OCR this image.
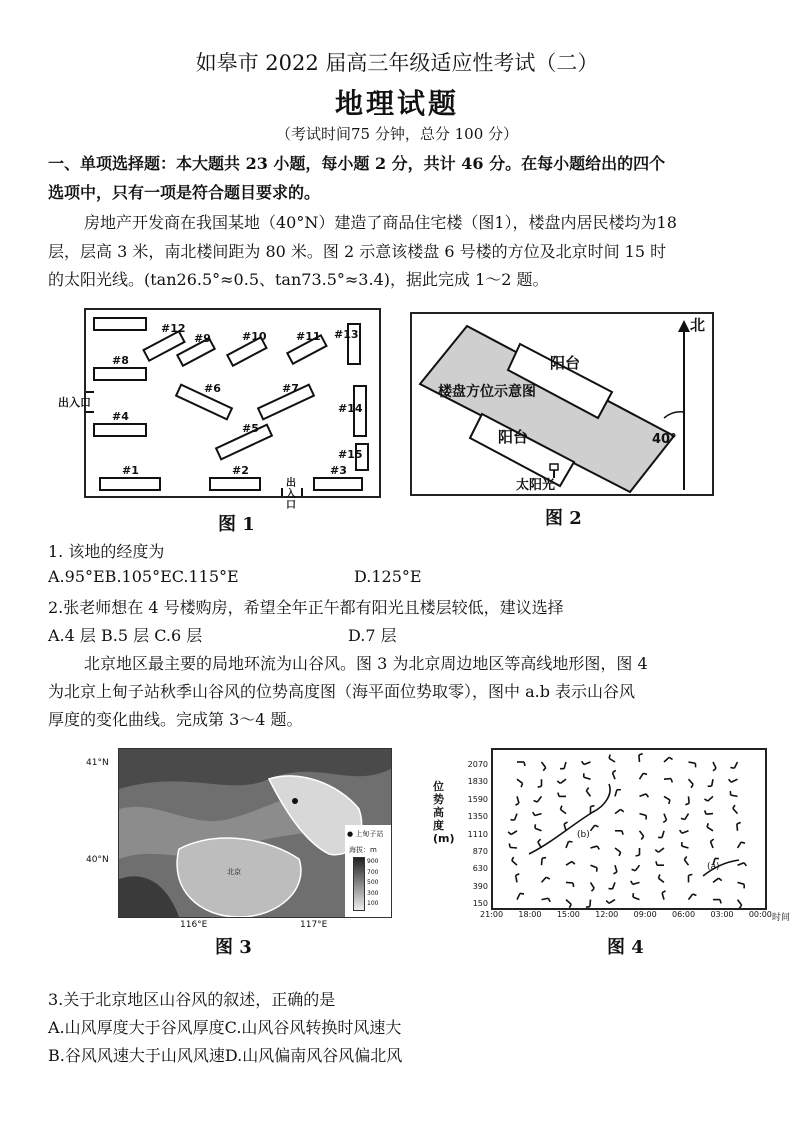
如皋市 2022 届高三年级适应性考试（二）
地理试题
（考试时间75 分钟，总分 100 分）
一、单项选择题：本大题共 23 小题，每小题 2 分，共计 46 分。在每小题给出的四个
选项中，只有一项是符合题目要求的。
房地产开发商在我国某地（40°N）建造了商品住宅楼（图1），楼盘内居民楼均为18
层，层高 3 米，南北楼间距为 80 米。图 2 示意该楼盘 6 号楼的方位及北京时间 15 时
的太阳光线。(tan26.5°≈0.5、tan73.5°≈3.4)，据此完成 1～2 题。
#12
#9	#10	#11 #13
#8
#6	#7
#4
#14
#5
#15
#1	#2	#3
出入口
出入口
图 1
北
阳台
楼盘方位示意图
阳台
太阳光
40°
图 2
1. 该地的经度为
A.95°EB.105°EC.115°E	D.125°E
2.张老师想在 4 号楼购房，希望全年正午都有阳光且楼层较低，建议选择
A.4 层 B.5 层 C.6 层	D.7 层
北京地区最主要的局地环流为山谷风。图 3 为北京周边地区等高线地形图，图 4
为北京上甸子站秋季山谷风的位势高度图（海平面位势取零），图中 a.b 表示山谷风
厚度的变化曲线。完成第 3～4 题。
● 上甸子站
海拔：m
900
700
500
300
100
北京
41°N
40°N
116°E	117°E
图 3
(b)
(a)
2070
1830
1590
1350
1110
870
630
390
150
位势高度 (m)
21:00 18:00 15:00 12:00 09:00 06:00 03:00 00:00 时间
图 4
3.关于北京地区山谷风的叙述，正确的是
A.山风厚度大于谷风厚度C.山风谷风转换时风速大
B.谷风风速大于山风风速D.山风偏南风谷风偏北风
